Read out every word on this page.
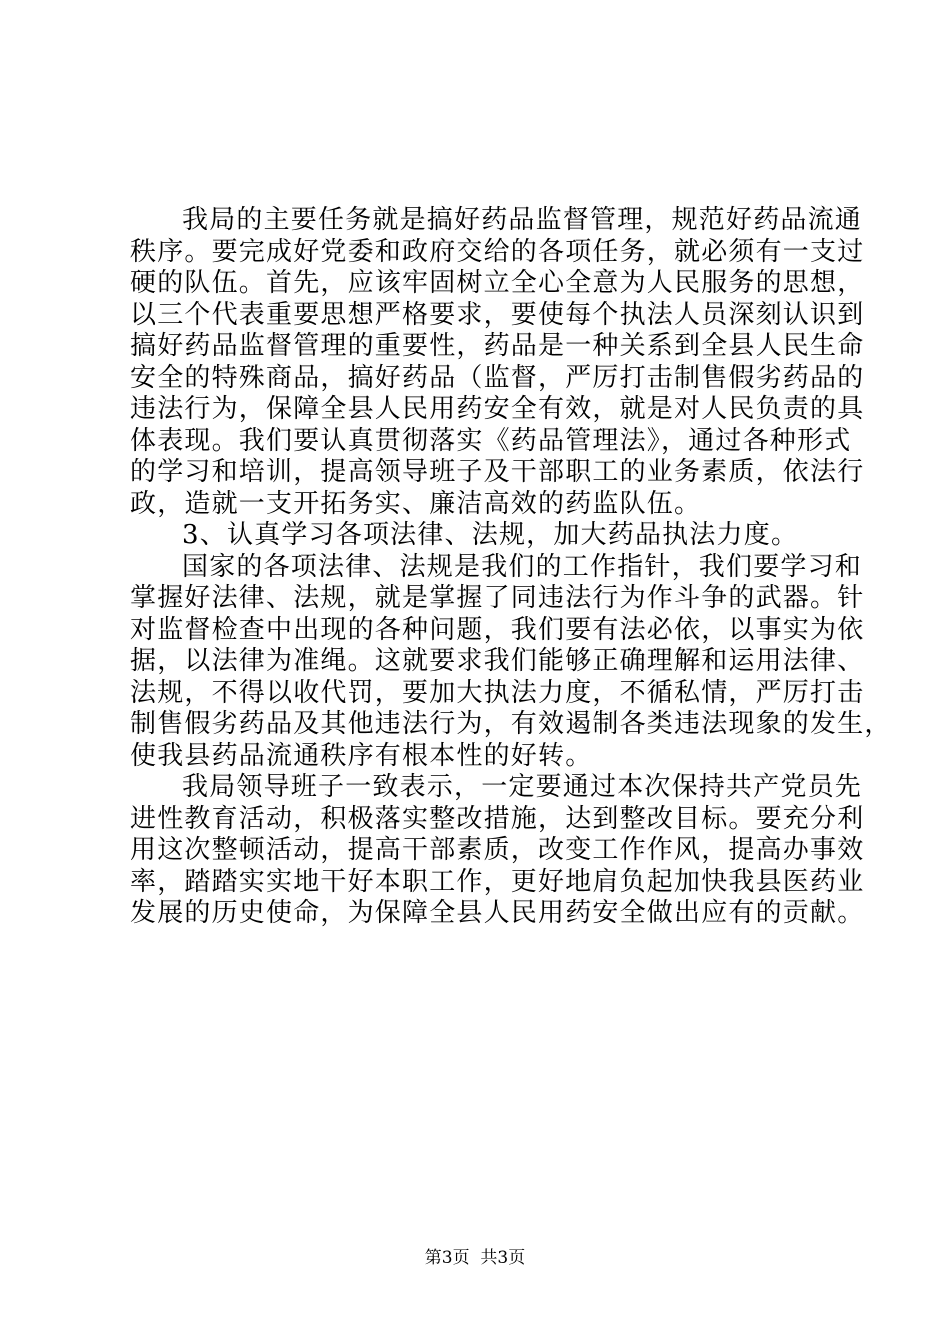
我局的主要任务就是搞好药品监督管理，规范好药品流通
秩序。要完成好党委和政府交给的各项任务，就必须有一支过
硬的队伍。首先，应该牢固树立全心全意为人民服务的思想，
以三个代表重要思想严格要求，要使每个执法人员深刻认识到
搞好药品监督管理的重要性，药品是一种关系到全县人民生命
安全的特殊商品，搞好药品（监督，严厉打击制售假劣药品的
违法行为，保障全县人民用药安全有效，就是对人民负责的具
体表现。我们要认真贯彻落实《药品管理法》，通过各种形式
的学习和培训，提高领导班子及干部职工的业务素质，依法行
政，造就一支开拓务实、廉洁高效的药监队伍。
3、认真学习各项法律、法规，加大药品执法力度。
国家的各项法律、法规是我们的工作指针，我们要学习和
掌握好法律、法规，就是掌握了同违法行为作斗争的武器。针
对监督检查中出现的各种问题，我们要有法必依，以事实为依
据，以法律为准绳。这就要求我们能够正确理解和运用法律、
法规，不得以收代罚，要加大执法力度，不循私情，严厉打击
制售假劣药品及其他违法行为，有效遏制各类违法现象的发生，
使我县药品流通秩序有根本性的好转。
我局领导班子一致表示，一定要通过本次保持共产党员先
进性教育活动，积极落实整改措施，达到整改目标。要充分利
用这次整顿活动，提高干部素质，改变工作作风，提高办事效
率，踏踏实实地干好本职工作，更好地肩负起加快我县医药业
发展的历史使命，为保障全县人民用药安全做出应有的贡献。
第3页  共3页
